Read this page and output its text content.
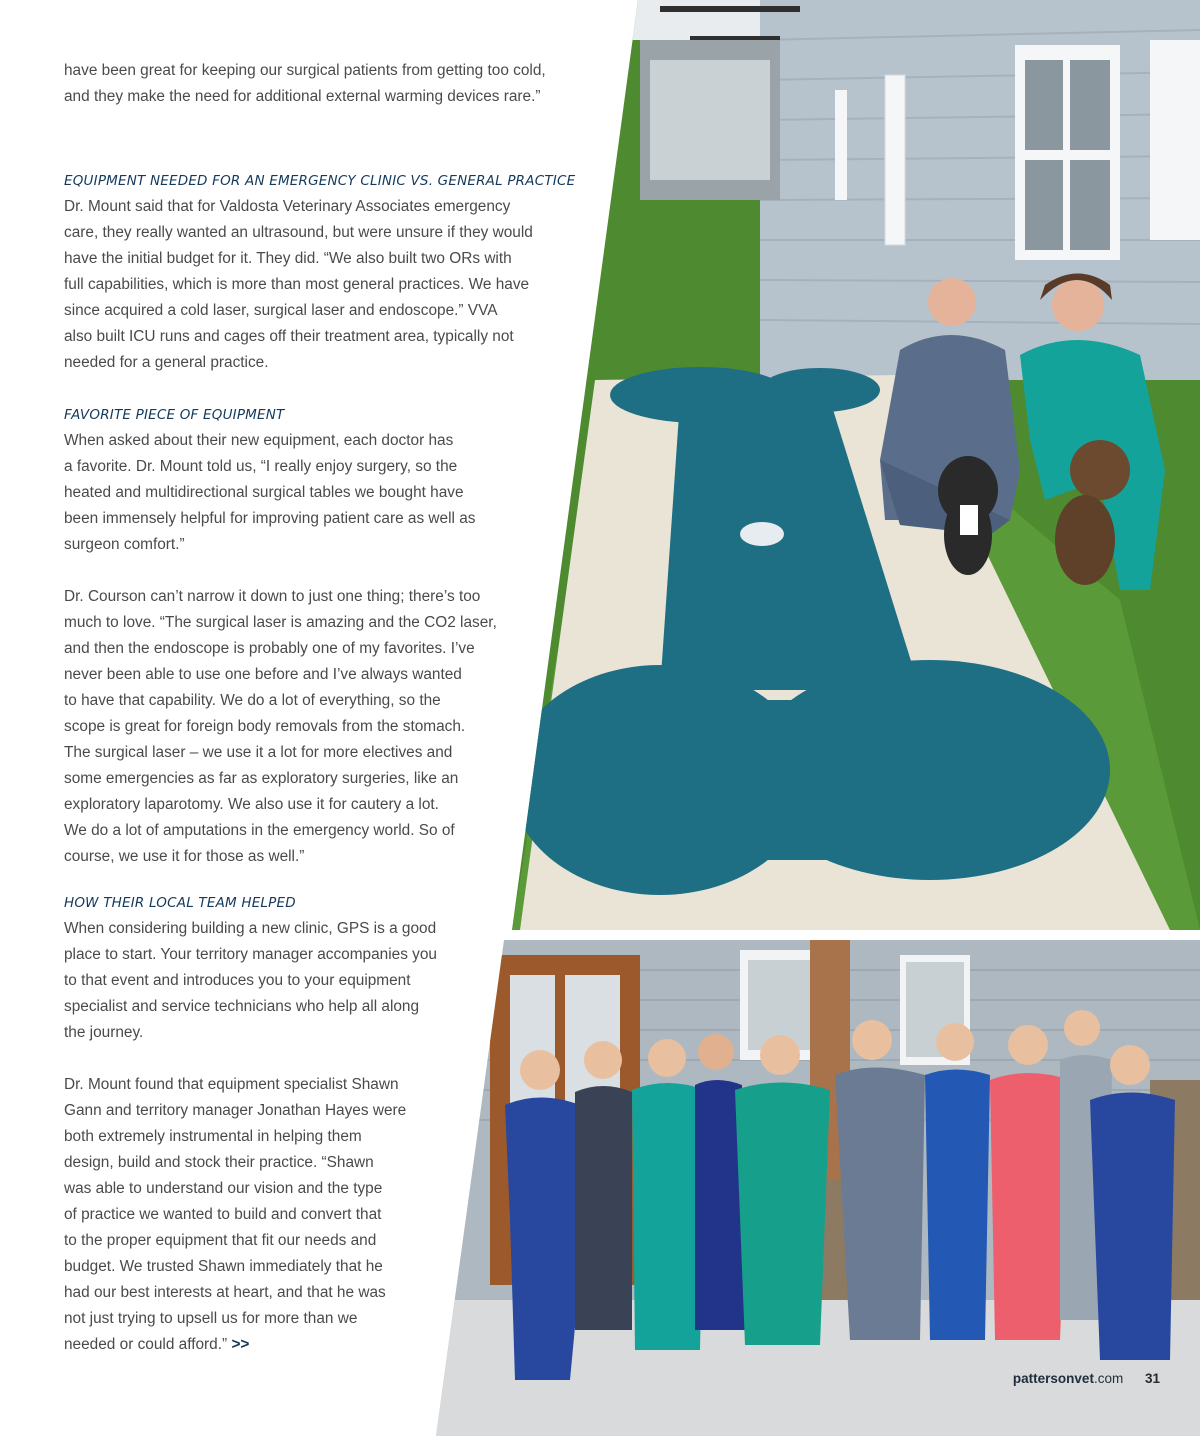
have been great for keeping our surgical patients from getting too cold,
and they make the need for additional external warming devices rare.”

EQUIPMENT NEEDED FOR AN EMERGENCY CLINIC VS. GENERAL PRACTICE

Dr. Mount said that for Valdosta Veterinary Associates emergency
care, they really wanted an ultrasound, but were unsure if they would
have the initial budget for it. They did. “We also built two ORs with
full capabilities, which is more than most general practices. We have
since acquired a cold laser, surgical laser and endoscope.” VVA
also built ICU runs and cages off their treatment area, typically not
needed for a general practice.

FAVORITE PIECE OF EQUIPMENT

When asked about their new equipment, each doctor has
a favorite. Dr. Mount told us, “I really enjoy surgery, so the
heated and multidirectional surgical tables we bought have
been immensely helpful for improving patient care as well as
surgeon comfort.”

Dr. Courson can’t narrow it down to just one thing; there’s too
much to love. “The surgical laser is amazing and the CO2 laser,
and then the endoscope is probably one of my favorites. I’ve
never been able to use one before and I’ve always wanted
to have that capability. We do a lot of everything, so the
scope is great for foreign body removals from the stomach.
The surgical laser – we use it a lot for more electives and
some emergencies as far as exploratory surgeries, like an
exploratory laparotomy. We also use it for cautery a lot.
We do a lot of amputations in the emergency world. So of
course, we use it for those as well.”

HOW THEIR LOCAL TEAM HELPED

When considering building a new clinic, GPS is a good
place to start. Your territory manager accompanies you
to that event and introduces you to your equipment
specialist and service technicians who help all along
the journey.

Dr. Mount found that equipment specialist Shawn
Gann and territory manager Jonathan Hayes were
both extremely instrumental in helping them
design, build and stock their practice. “Shawn
was able to understand our vision and the type
of practice we wanted to build and convert that
to the proper equipment that fit our needs and
budget. We trusted Shawn immediately that he
had our best interests at heart, and that he was
not just trying to upsell us for more than we
needed or could afford.” >>

pattersonvet.com 31
